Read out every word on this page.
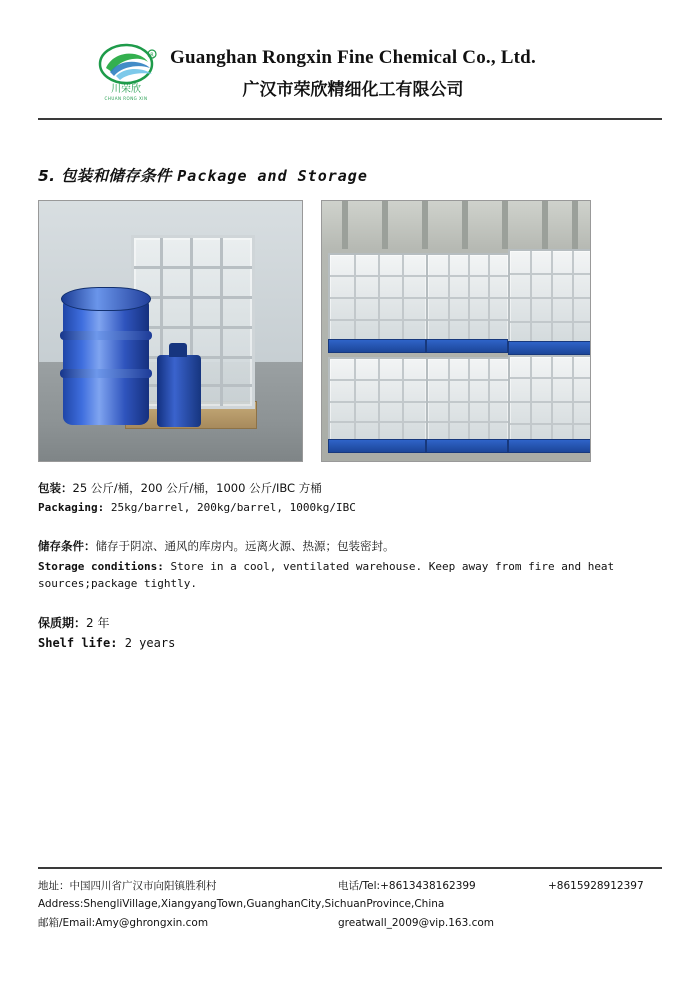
R
川荣欣
CHUAN RONG XIN
Guanghan Rongxin Fine Chemical Co., Ltd.
广汉市荣欣精细化工有限公司
5. 包装和储存条件 Package and Storage
包装：25 公斤/桶，200 公斤/桶，1000 公斤/IBC 方桶
Packaging: 25kg/barrel, 200kg/barrel, 1000kg/IBC
储存条件：储存于阴凉、通风的库房内。远离火源、热源；包装密封。
Storage conditions: Store in a cool, ventilated warehouse. Keep away from fire and heat sources;package tightly.
保质期：2 年
Shelf life: 2 years
地址：中国四川省广汉市向阳镇胜利村	电话/Tel:+8613438162399	+8615928912397
Address:ShengliVillage,XiangyangTown,GuanghanCity,SichuanProvince,China
邮箱/Email:Amy@ghrongxin.com	greatwall_2009@vip.163.com
